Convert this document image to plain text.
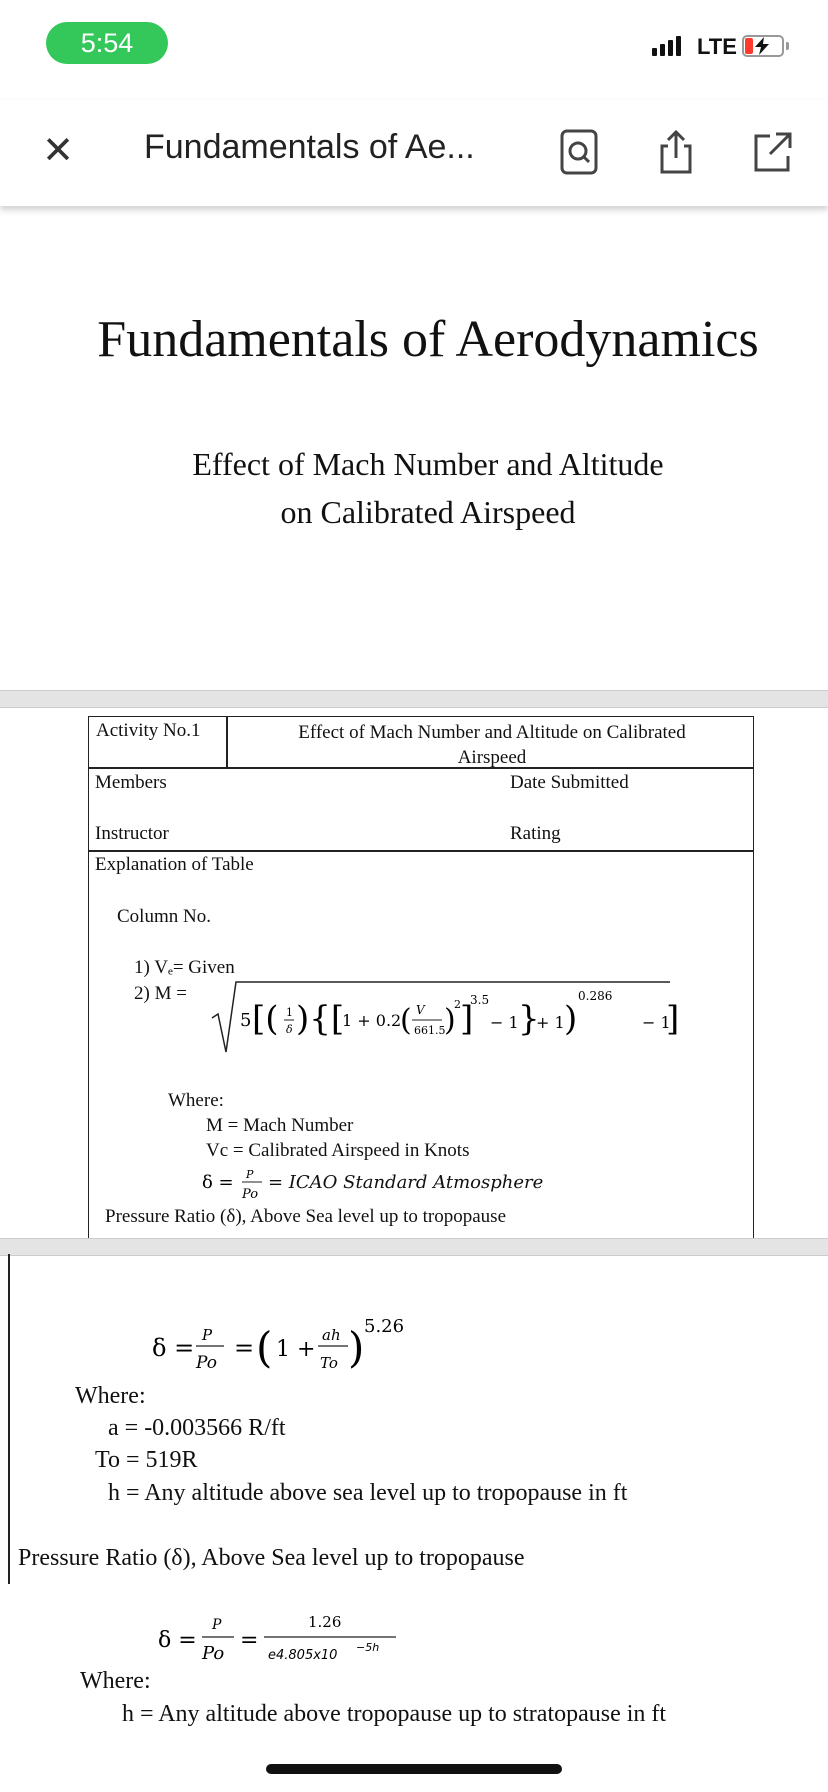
5:54	LTE
✕ Fundamentals of Ae...
Fundamentals of Aerodynamics
Effect of Mach Number and Altitude
on Calibrated Airspeed
Activity No.1	Effect of Mach Number and Altitude on Calibrated
Airspeed
Members	Date Submitted
Instructor	Rating
Explanation of Table
Column No.
1) Vₑ= Given
2) M =
5 [( 1
δ ){[
1 + 0.2
( V
661.5
)
2 ]
3.5
− 1 }
+ 1 )
0.286
− 1
]
Where:
M = Mach Number
Vc = Calibrated Airspeed in Knots
δ = P
Po
= ICAO Standard Atmosphere
Pressure Ratio (δ), Above Sea level up to tropopause
δ = P
Po
= ( 1 +
ah
To ) 5.26
Where:
a = -0.003566 R/ft
To = 519R
h = Any altitude above sea level up to tropopause in ft
Pressure Ratio (δ), Above Sea level up to tropopause
δ =
P
Po
=
1.26
e4.805x10
−5h
Where:
h = Any altitude above tropopause up to stratopause in ft
